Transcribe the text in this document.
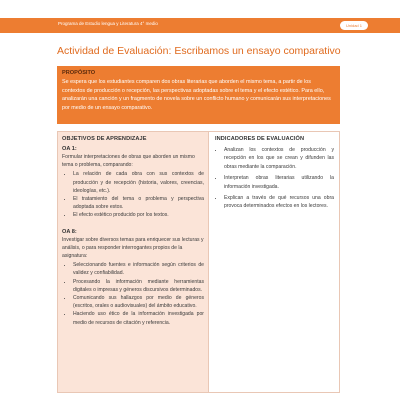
Programa de Estudio lengua y Literatura 4° medio	Unidad 1
Actividad de Evaluación: Escribamos un ensayo comparativo
PROPÓSITO
Se espera que los estudiantes comparen dos obras literarias que aborden el mismo tema, a partir de los contextos de producción o recepción, las perspectivas adoptadas sobre el tema y el efecto estético. Para ello, analizarán una canción y un fragmento de novela sobre un conflicto humano y comunicarán sus interpretaciones por medio de un ensayo comparativo.
OBJETIVOS DE APRENDIZAJE
OA 1:
Formular interpretaciones de obras que aborden un mismo tema o problema, comparando:
• La relación de cada obra con sus contextos de producción y de recepción (historia, valores, creencias, ideologías, etc.).
• El tratamiento del tema o problema y perspectiva adoptada sobre estos.
• El efecto estético producido por los textos.
OA 8:
Investigar sobre diversos temas para enriquecer sus lecturas y análisis, o para responder interrogantes propios de la asignatura:
• Seleccionando fuentes e información según criterios de validez y confiabilidad.
• Procesando la información mediante herramientas digitales o impresas y géneros discursivos determinados.
• Comunicando sus hallazgos por medio de géneros (escritos, orales o audiovisuales) del ámbito educativo.
• Haciendo uso ético de la información investigada por medio de recursos de citación y referencia.
INDICADORES DE EVALUACIÓN
• Analizan los contextos de producción y recepción en los que se crean y difunden las obras mediante la comparación.
• Interpretan obras literarias utilizando la información investigada.
• Explican a través de qué recursos una obra provoca determinados efectos en los lectores.
